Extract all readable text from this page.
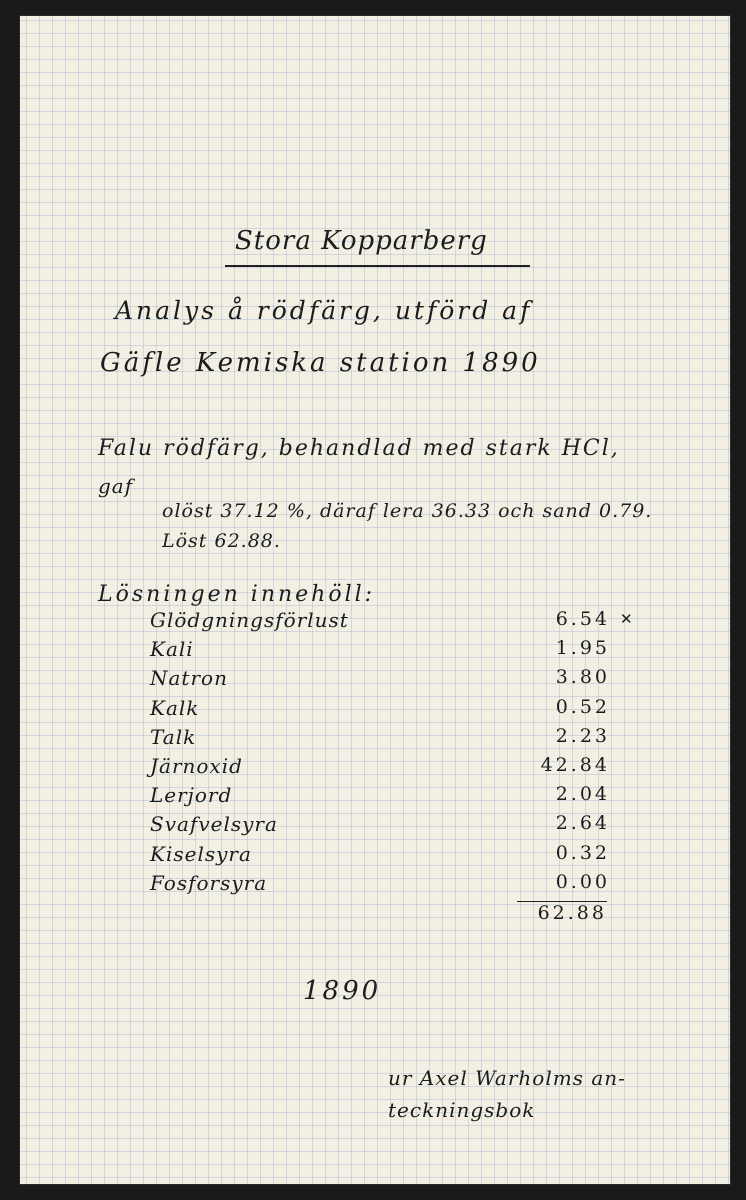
Stora Kopparberg
Analys å rödfärg, utförd af
Gäfle Kemiska station 1890
Falu rödfärg, behandlad med stark HCl,
gaf
olöst 37.12 %, däraf lera 36.33 och sand 0.79.
Löst 62.88.
Lösningen innehöll:
Glödgningsförlust	6.54 ✕
Kali	1.95
Natron	3.80
Kalk	0.52
Talk	2.23
Järnoxid	42.84
Lerjord	2.04
Svafvelsyra	2.64
Kiselsyra	0.32
Fosforsyra	0.00
62.88
1890
ur Axel Warholms an-
teckningsbok
